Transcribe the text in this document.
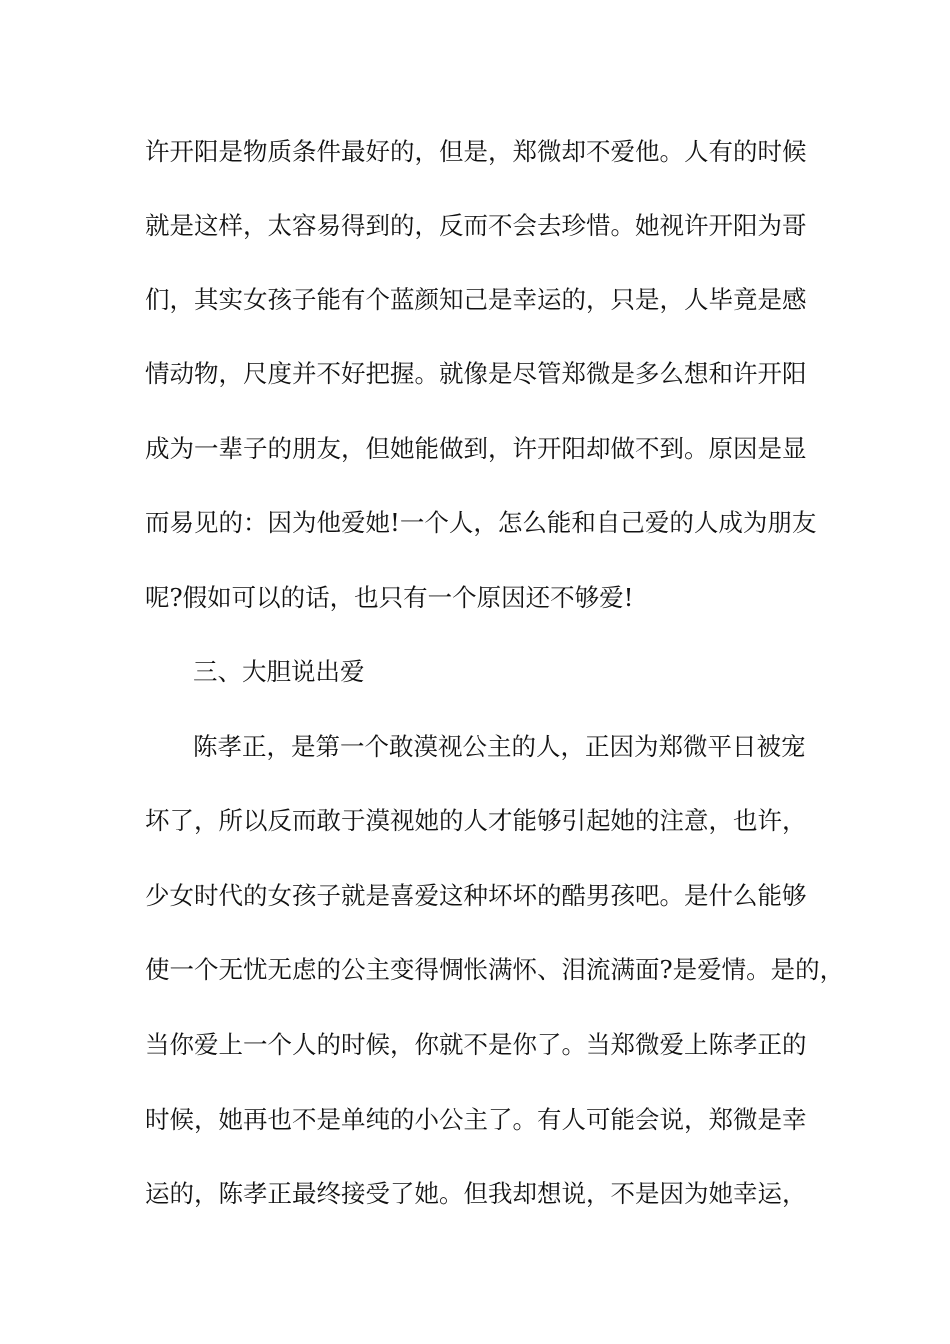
许开阳是物质条件最好的，但是，郑微却不爱他。人有的时候
就是这样，太容易得到的，反而不会去珍惜。她视许开阳为哥
们，其实女孩子能有个蓝颜知己是幸运的，只是，人毕竟是感
情动物，尺度并不好把握。就像是尽管郑微是多么想和许开阳
成为一辈子的朋友，但她能做到，许开阳却做不到。原因是显
而易见的：因为他爱她!一个人，怎么能和自己爱的人成为朋友
呢?假如可以的话，也只有一个原因还不够爱!
三、大胆说出爱
陈孝正，是第一个敢漠视公主的人，正因为郑微平日被宠
坏了，所以反而敢于漠视她的人才能够引起她的注意，也许，
少女时代的女孩子就是喜爱这种坏坏的酷男孩吧。是什么能够
使一个无忧无虑的公主变得惆怅满怀、泪流满面?是爱情。是的，
当你爱上一个人的时候，你就不是你了。当郑微爱上陈孝正的
时候，她再也不是单纯的小公主了。有人可能会说，郑微是幸
运的，陈孝正最终接受了她。但我却想说，不是因为她幸运，
